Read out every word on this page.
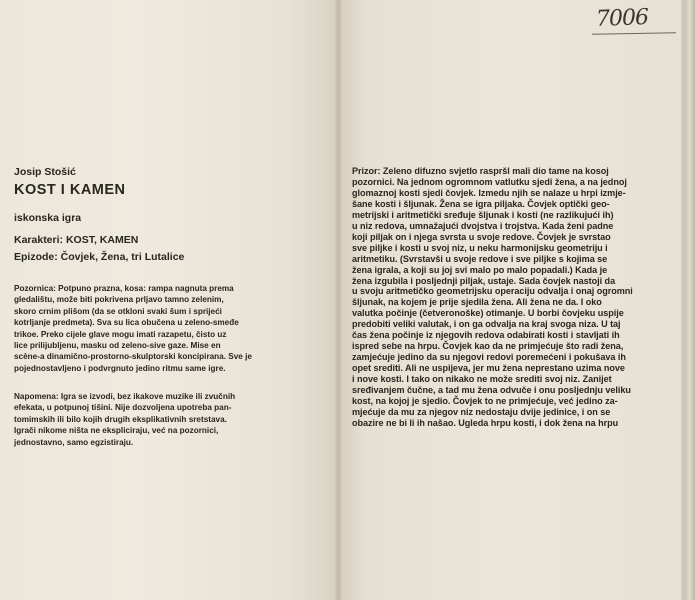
Josip Stošić
KOST I KAMEN
iskonska igra
Karakteri: KOST, KAMEN
Epizode: Čovjek, Žena, tri Lutalice
Pozornica: Potpuno prazna, kosa: rampa nagnuta prema
gledalištu, može biti pokrivena prljavo tamno zelenim,
skoro crnim plišom (da se otkloni svaki šum i sprijeći
kotrljanje predmeta). Sva su lica obučena u zeleno-smeđe
trikoe. Preko cijele glave mogu imati razapetu, čisto uz
lice prilijubljenu, masku od zeleno-sive gaze. Mise en
scène-a dinamično-prostorno-skulptorski koncipirana. Sve je
pojednostavljeno i podvrgnuto jedino ritmu same igre.
Napomena: Igra se izvodi, bez ikakove muzike ili zvučnih
efekata, u potpunoj tišini. Nije dozvoljena upotreba pan-
tomimskih ili bilo kojih drugih eksplikativnih sretstava.
Igrači nikome ništa ne ekspliciraju, već na pozornici,
jednostavno, samo egzistiraju.
7006
Prizor: Zeleno difuzno svjetlo raspršl mali dio tame na kosoj
pozornici. Na jednom ogromnom vatlutku sjedi žena, a na jednoj
glomaznoj kosti sjedi čovjek. Izmedu njih se nalaze u hrpi izmje-
šane kosti i šljunak. Žena se igra piljaka. Čovjek optički geo-
metrijski i aritmetički sređuje šljunak i kosti (ne razlikujući ih)
u niz redova, umnažajući dvojstva i trojstva. Kada ženi padne
koji piljak on i njega svrsta u svoje redove. Čovjek je svrstao
sve piljke i kosti u svoj niz, u neku harmonijsku geometriju i
aritmetiku. (Svrstavši u svoje redove i sve piljke s kojima se
žena igrala, a koji su joj svi malo po malo popadali.) Kada je
žena izgubila i posljednji piljak, ustaje. Sada čovjek nastoji da
u svoju aritmetičko geometrijsku operaciju odvalja i onaj ogromni
šljunak, na kojem je prije sjedila žena. Ali žena ne da. I oko
valutka počinje (četveronoške) otimanje. U borbi čovjeku uspije
predobiti veliki valutak, i on ga odvalja na kraj svoga niza. U taj
čas žena počinje iz njegovih redova odabirati kosti i stavljati ih
ispred sebe na hrpu. Čovjek kao da ne primjećuje što radi žena,
zamjećuje jedino da su njegovi redovi poremećeni i pokušava ih
opet srediti. Ali ne uspijeva, jer mu žena neprestano uzima nove
i nove kosti. I tako on nikako ne može srediti svoj niz. Zanijet
sređivanjem čučne, a tad mu žena odvuče i onu posljednju veliku
kost, na kojoj je sjedio. Čovjek to ne primjećuje, već jedino za-
mjećuje da mu za njegov niz nedostaju dvije jedinice, i on se
obazire ne bi li ih našao. Ugleda hrpu kosti, i dok žena na hrpu
